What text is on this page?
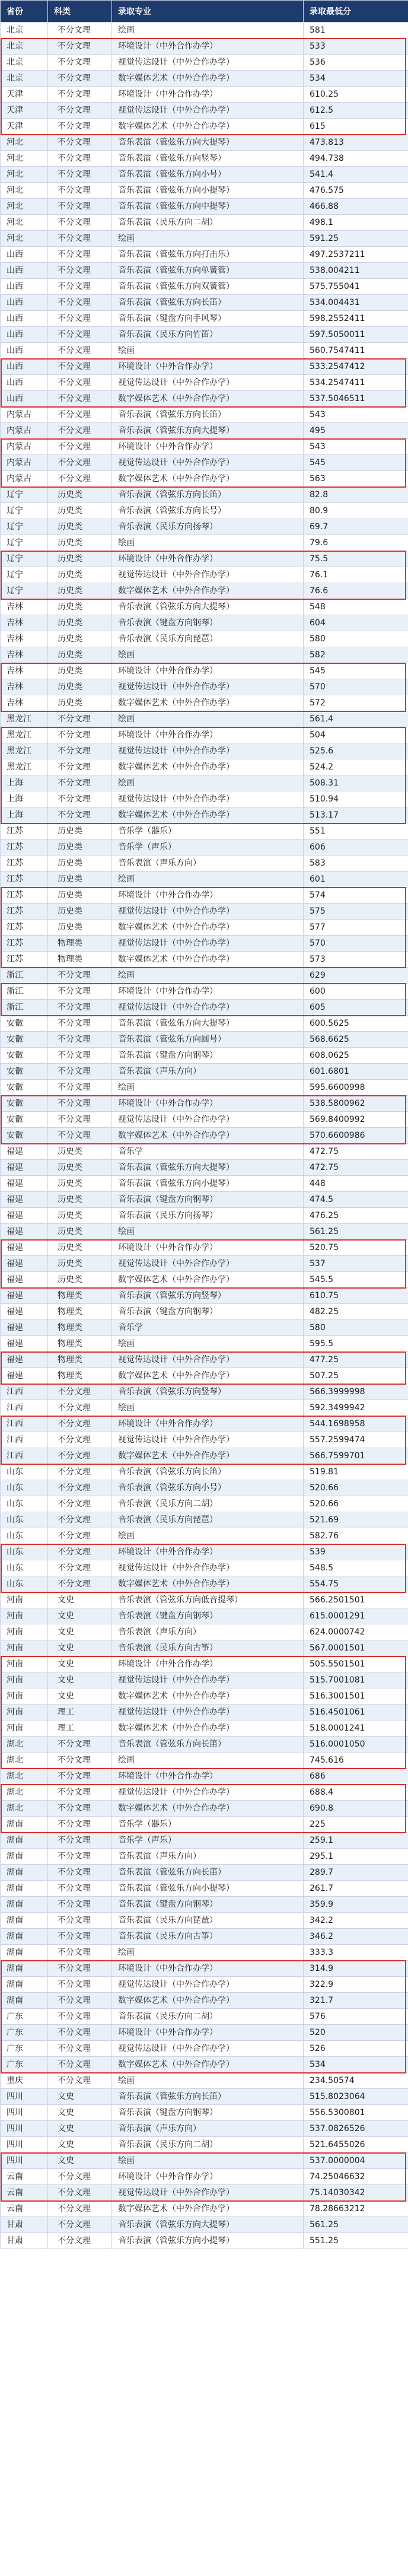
省份	科类	录取专业	录取最低分
北京	不分文理	绘画	581
北京	不分文理	环境设计（中外合作办学）	533
北京	不分文理	视觉传达设计（中外合作办学）	536
北京	不分文理	数字媒体艺术（中外合作办学）	534
天津	不分文理	环境设计（中外合作办学）	610.25
天津	不分文理	视觉传达设计（中外合作办学）	612.5
天津	不分文理	数字媒体艺术（中外合作办学）	615
河北	不分文理	音乐表演（管弦乐方向大提琴）	473.813
河北	不分文理	音乐表演（管弦乐方向竖琴）	494.738
河北	不分文理	音乐表演（管弦乐方向小号）	541.4
河北	不分文理	音乐表演（管弦乐方向小提琴）	476.575
河北	不分文理	音乐表演（管弦乐方向中提琴）	466.88
河北	不分文理	音乐表演（民乐方向二胡）	498.1
河北	不分文理	绘画	591.25
山西	不分文理	音乐表演（管弦乐方向打击乐）	497.2537211
山西	不分文理	音乐表演（管弦乐方向单簧管）	538.004211
山西	不分文理	音乐表演（管弦乐方向双簧管）	575.755041
山西	不分文理	音乐表演（管弦乐方向长笛）	534.004431
山西	不分文理	音乐表演（键盘方向手风琴）	598.2552411
山西	不分文理	音乐表演（民乐方向竹笛）	597.5050011
山西	不分文理	绘画	560.7547411
山西	不分文理	环境设计（中外合作办学）	533.2547412
山西	不分文理	视觉传达设计（中外合作办学）	534.2547411
山西	不分文理	数字媒体艺术（中外合作办学）	537.5046511
内蒙古	不分文理	音乐表演（管弦乐方向长笛）	543
内蒙古	不分文理	音乐表演（管弦乐方向大提琴）	495
内蒙古	不分文理	环境设计（中外合作办学）	543
内蒙古	不分文理	视觉传达设计（中外合作办学）	545
内蒙古	不分文理	数字媒体艺术（中外合作办学）	563
辽宁	历史类	音乐表演（管弦乐方向长笛）	82.8
辽宁	历史类	音乐表演（管弦乐方向长号）	80.9
辽宁	历史类	音乐表演（民乐方向扬琴）	69.7
辽宁	历史类	绘画	79.6
辽宁	历史类	环境设计（中外合作办学）	75.5
辽宁	历史类	视觉传达设计（中外合作办学）	76.1
辽宁	历史类	数字媒体艺术（中外合作办学）	76.6
吉林	历史类	音乐表演（管弦乐方向大提琴）	548
吉林	历史类	音乐表演（键盘方向钢琴）	604
吉林	历史类	音乐表演（民乐方向琵琶）	580
吉林	历史类	绘画	582
吉林	历史类	环境设计（中外合作办学）	545
吉林	历史类	视觉传达设计（中外合作办学）	570
吉林	历史类	数字媒体艺术（中外合作办学）	572
黑龙江	不分文理	绘画	561.4
黑龙江	不分文理	环境设计（中外合作办学）	504
黑龙江	不分文理	视觉传达设计（中外合作办学）	525.6
黑龙江	不分文理	数字媒体艺术（中外合作办学）	524.2
上海	不分文理	绘画	508.31
上海	不分文理	视觉传达设计（中外合作办学）	510.94
上海	不分文理	数字媒体艺术（中外合作办学）	513.17
江苏	历史类	音乐学（器乐）	551
江苏	历史类	音乐学（声乐）	606
江苏	历史类	音乐表演（声乐方向）	583
江苏	历史类	绘画	601
江苏	历史类	环境设计（中外合作办学）	574
江苏	历史类	视觉传达设计（中外合作办学）	575
江苏	历史类	数字媒体艺术（中外合作办学）	577
江苏	物理类	视觉传达设计（中外合作办学）	570
江苏	物理类	数字媒体艺术（中外合作办学）	573
浙江	不分文理	绘画	629
浙江	不分文理	环境设计（中外合作办学）	600
浙江	不分文理	视觉传达设计（中外合作办学）	605
安徽	不分文理	音乐表演（管弦乐方向大提琴）	600.5625
安徽	不分文理	音乐表演（管弦乐方向圆号）	568.6625
安徽	不分文理	音乐表演（键盘方向钢琴）	608.0625
安徽	不分文理	音乐表演（声乐方向）	601.6801
安徽	不分文理	绘画	595.6600998
安徽	不分文理	环境设计（中外合作办学）	538.5800962
安徽	不分文理	视觉传达设计（中外合作办学）	569.8400992
安徽	不分文理	数字媒体艺术（中外合作办学）	570.6600986
福建	历史类	音乐学	472.75
福建	历史类	音乐表演（管弦乐方向大提琴）	472.75
福建	历史类	音乐表演（管弦乐方向小提琴）	448
福建	历史类	音乐表演（键盘方向钢琴）	474.5
福建	历史类	音乐表演（民乐方向扬琴）	476.25
福建	历史类	绘画	561.25
福建	历史类	环境设计（中外合作办学）	520.75
福建	历史类	视觉传达设计（中外合作办学）	537
福建	历史类	数字媒体艺术（中外合作办学）	545.5
福建	物理类	音乐表演（管弦乐方向竖琴）	610.75
福建	物理类	音乐表演（键盘方向钢琴）	482.25
福建	物理类	音乐学	580
福建	物理类	绘画	595.5
福建	物理类	视觉传达设计（中外合作办学）	477.25
福建	物理类	数字媒体艺术（中外合作办学）	507.25
江西	不分文理	音乐表演（管弦乐方向竖琴）	566.3999998
江西	不分文理	绘画	592.3499942
江西	不分文理	环境设计（中外合作办学）	544.1698958
江西	不分文理	视觉传达设计（中外合作办学）	557.2599474
江西	不分文理	数字媒体艺术（中外合作办学）	566.7599701
山东	不分文理	音乐表演（管弦乐方向长笛）	519.81
山东	不分文理	音乐表演（管弦乐方向小号）	520.66
山东	不分文理	音乐表演（民乐方向二胡）	520.66
山东	不分文理	音乐表演（民乐方向琵琶）	521.69
山东	不分文理	绘画	582.76
山东	不分文理	环境设计（中外合作办学）	539
山东	不分文理	视觉传达设计（中外合作办学）	548.5
山东	不分文理	数字媒体艺术（中外合作办学）	554.75
河南	文史	音乐表演（管弦乐方向低音提琴）	566.2501501
河南	文史	音乐表演（键盘方向钢琴）	615.0001291
河南	文史	音乐表演（声乐方向）	624.0000742
河南	文史	音乐表演（民乐方向古筝）	567.0001501
河南	文史	环境设计（中外合作办学）	505.5501501
河南	文史	视觉传达设计（中外合作办学）	515.7001081
河南	文史	数字媒体艺术（中外合作办学）	516.3001501
河南	理工	视觉传达设计（中外合作办学）	516.4501061
河南	理工	数字媒体艺术（中外合作办学）	518.0001241
湖北	不分文理	音乐表演（管弦乐方向长笛）	516.0001050
湖北	不分文理	绘画	745.616
湖北	不分文理	环境设计（中外合作办学）	686
湖北	不分文理	视觉传达设计（中外合作办学）	688.4
湖北	不分文理	数字媒体艺术（中外合作办学）	690.8
湖南	不分文理	音乐学（器乐）	225
湖南	不分文理	音乐学（声乐）	259.1
湖南	不分文理	音乐表演（声乐方向）	295.1
湖南	不分文理	音乐表演（管弦乐方向长笛）	289.7
湖南	不分文理	音乐表演（管弦乐方向小提琴）	261.7
湖南	不分文理	音乐表演（键盘方向钢琴）	359.9
湖南	不分文理	音乐表演（民乐方向琵琶）	342.2
湖南	不分文理	音乐表演（民乐方向古筝）	346.2
湖南	不分文理	绘画	333.3
湖南	不分文理	环境设计（中外合作办学）	314.9
湖南	不分文理	视觉传达设计（中外合作办学）	322.9
湖南	不分文理	数字媒体艺术（中外合作办学）	321.7
广东	不分文理	音乐表演（民乐方向二胡）	576
广东	不分文理	环境设计（中外合作办学）	520
广东	不分文理	视觉传达设计（中外合作办学）	526
广东	不分文理	数字媒体艺术（中外合作办学）	534
重庆	不分文理	绘画	234.50574
四川	文史	音乐表演（管弦乐方向长笛）	515.8023064
四川	文史	音乐表演（键盘方向钢琴）	556.5300801
四川	文史	音乐表演（声乐方向）	537.0826526
四川	文史	音乐表演（民乐方向二胡）	521.6455026
四川	文史	绘画	537.0000004
云南	不分文理	环境设计（中外合作办学）	74.25046632
云南	不分文理	视觉传达设计（中外合作办学）	75.14030342
云南	不分文理	数字媒体艺术（中外合作办学）	78.28663212
甘肃	不分文理	音乐表演（管弦乐方向大提琴）	561.25
甘肃	不分文理	音乐表演（管弦乐方向小提琴）	551.25
